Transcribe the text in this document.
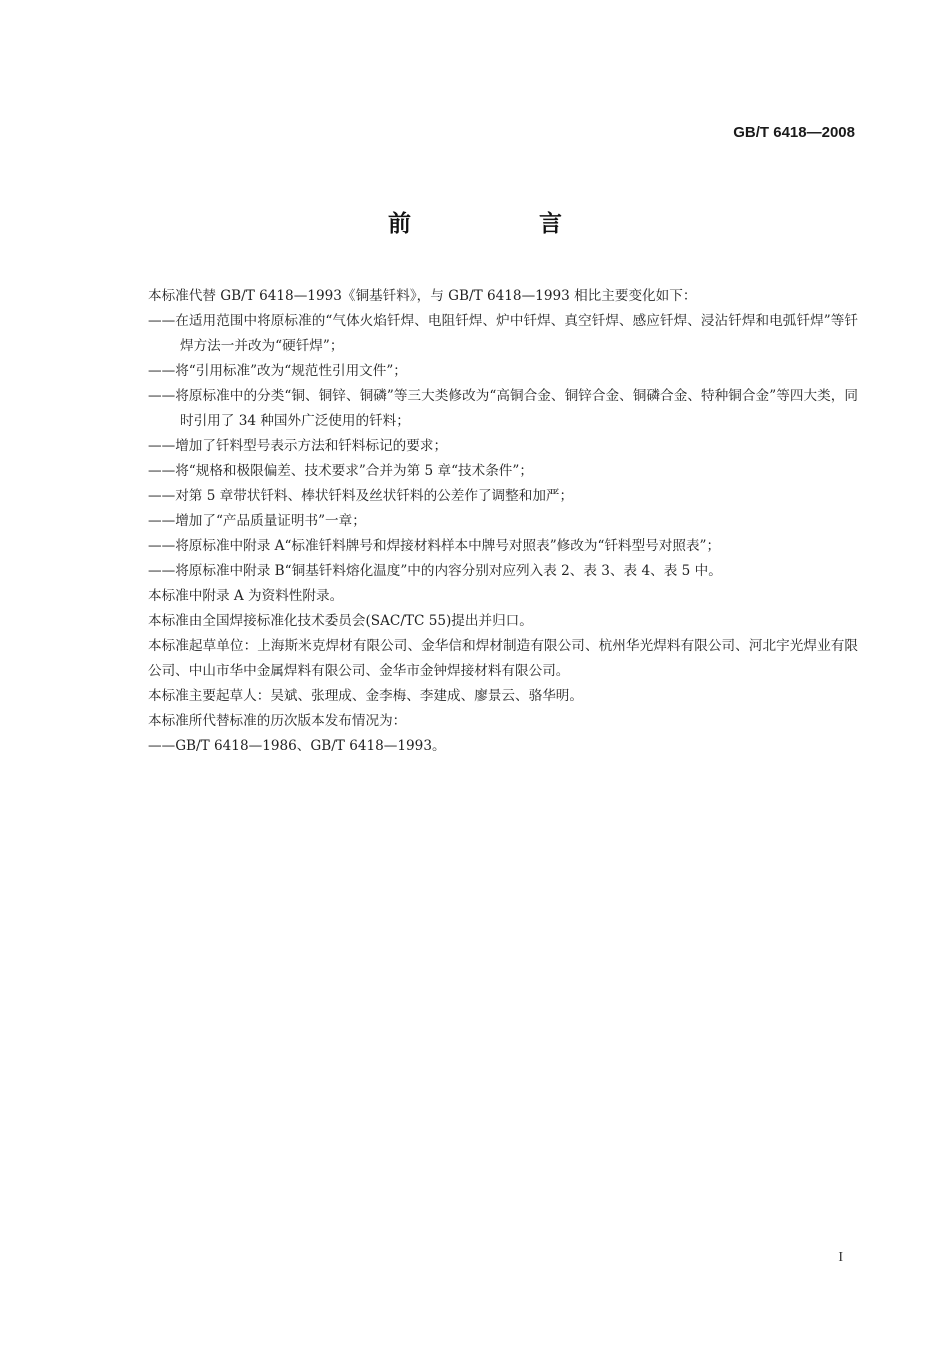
GB/T 6418—2008
前 言

本标准代替 GB/T 6418—1993《铜基钎料》，与 GB/T 6418—1993 相比主要变化如下：

——在适用范围中将原标准的“气体火焰钎焊、电阻钎焊、炉中钎焊、真空钎焊、感应钎焊、浸沾钎焊和电弧钎焊”等钎焊方法一并改为“硬钎焊”；

——将“引用标准”改为“规范性引用文件”；

——将原标准中的分类“铜、铜锌、铜磷”等三大类修改为“高铜合金、铜锌合金、铜磷合金、特种铜合金”等四大类，同时引用了 34 种国外广泛使用的钎料；

——增加了钎料型号表示方法和钎料标记的要求；

——将“规格和极限偏差、技术要求”合并为第 5 章“技术条件”；

——对第 5 章带状钎料、棒状钎料及丝状钎料的公差作了调整和加严；

——增加了“产品质量证明书”一章；

——将原标准中附录 A“标准钎料牌号和焊接材料样本中牌号对照表”修改为“钎料型号对照表”；

——将原标准中附录 B“铜基钎料熔化温度”中的内容分别对应列入表 2、表 3、表 4、表 5 中。

本标准中附录 A 为资料性附录。

本标准由全国焊接标准化技术委员会(SAC/TC 55)提出并归口。

本标准起草单位：上海斯米克焊材有限公司、金华信和焊材制造有限公司、杭州华光焊料有限公司、河北宇光焊业有限公司、中山市华中金属焊料有限公司、金华市金钟焊接材料有限公司。

本标准主要起草人：吴斌、张理成、金李梅、李建成、廖景云、骆华明。

本标准所代替标准的历次版本发布情况为：

——GB/T 6418—1986、GB/T 6418—1993。

I
